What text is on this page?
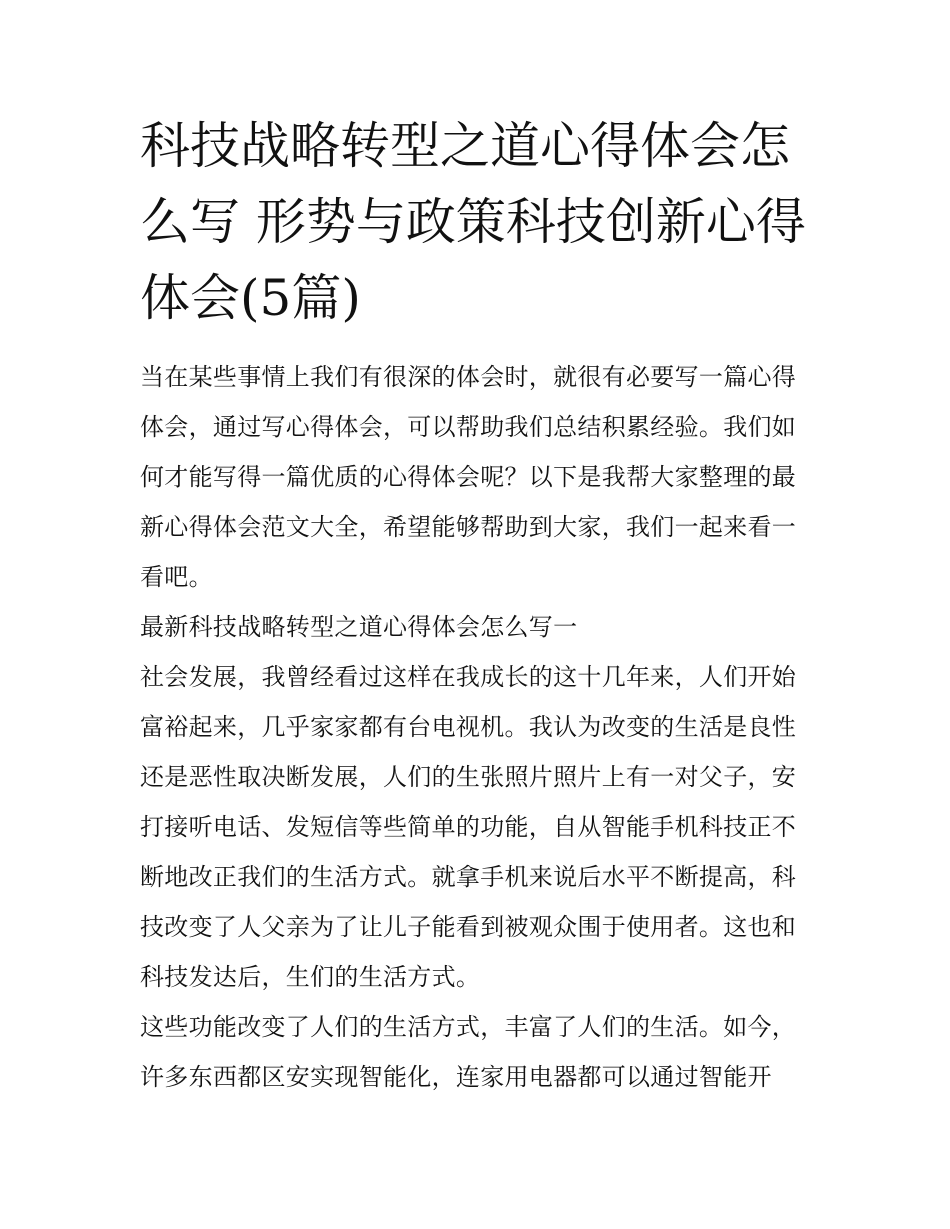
科技战略转型之道心得体会怎么写 形势与政策科技创新心得体会(5篇)

当在某些事情上我们有很深的体会时，就很有必要写一篇心得体会，通过写心得体会，可以帮助我们总结积累经验。我们如何才能写得一篇优质的心得体会呢？以下是我帮大家整理的最新心得体会范文大全，希望能够帮助到大家，我们一起来看一看吧。

最新科技战略转型之道心得体会怎么写一

社会发展，我曾经看过这样在我成长的这十几年来，人们开始富裕起来，几乎家家都有台电视机。我认为改变的生活是良性还是恶性取决断发展，人们的生张照片照片上有一对父子，安打接听电话、发短信等些简单的功能，自从智能手机科技正不断地改正我们的生活方式。就拿手机来说后水平不断提高，科技改变了人父亲为了让儿子能看到被观众围于使用者。这也和科技发达后，生们的生活方式。

这些功能改变了人们的生活方式，丰富了人们的生活。如今，许多东西都区安实现智能化，连家用电器都可以通过智能开
